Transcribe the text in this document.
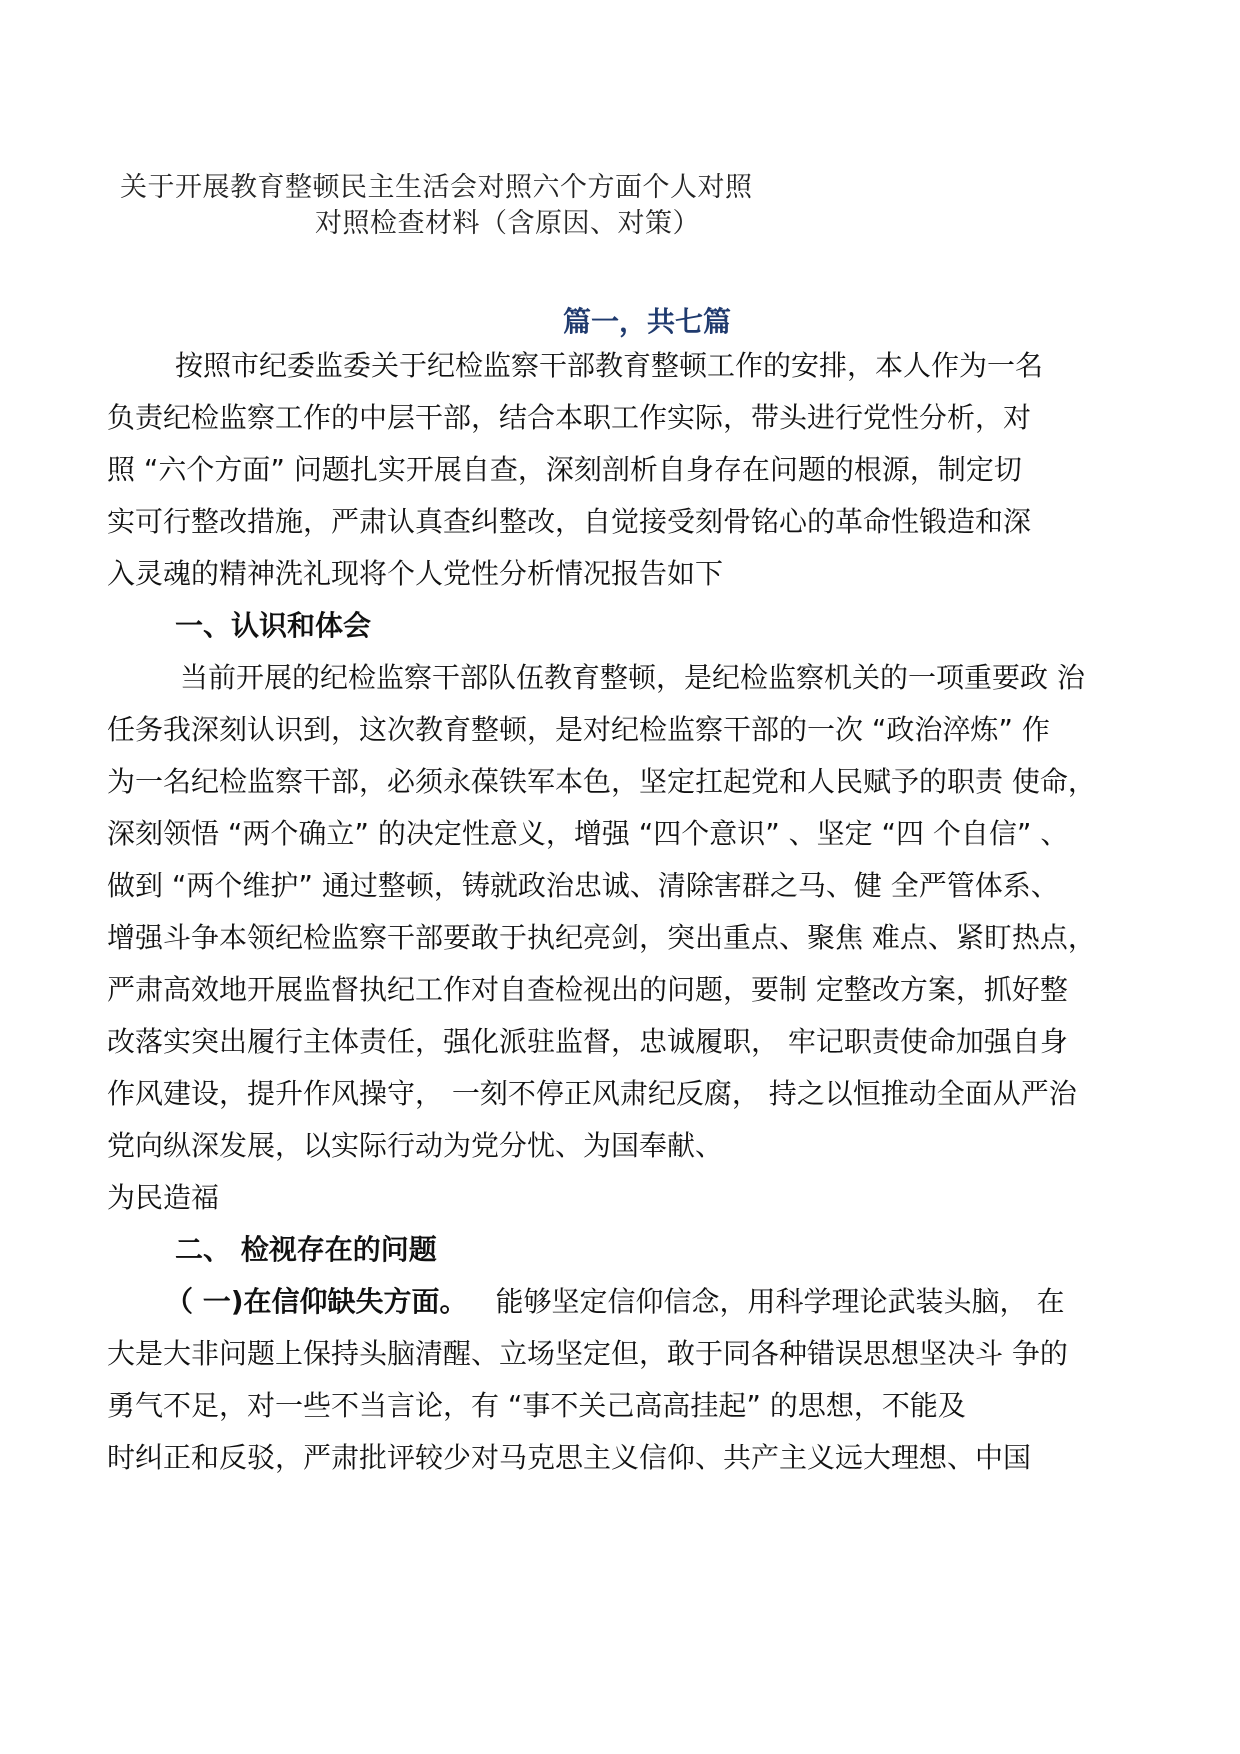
关于开展教育整顿民主生活会对照六个方面个人对照
对照检查材料（含原因、对策）
篇一，共七篇
按照市纪委监委关于纪检监察干部教育整顿工作的安排，本人作为一名
负责纪检监察工作的中层干部，结合本职工作实际，带头进行党性分析，对
照 “六个方面” 问题扎实开展自查，深刻剖析自身存在问题的根源，制定切
实可行整改措施，严肃认真查纠整改，自觉接受刻骨铭心的革命性锻造和深
入灵魂的精神洗礼现将个人党性分析情况报告如下
一、认识和体会
当前开展的纪检监察干部队伍教育整顿，是纪检监察机关的一项重要政 治
任务我深刻认识到，这次教育整顿，是对纪检监察干部的一次 “政治淬炼” 作
为一名纪检监察干部，必须永葆铁军本色，坚定扛起党和人民赋予的职责 使命，
深刻领悟 “两个确立” 的决定性意义，增强 “四个意识” 、坚定 “四 个自信” 、
做到 “两个维护” 通过整顿，铸就政治忠诚、清除害群之马、健 全严管体系、
增强斗争本领纪检监察干部要敢于执纪亮剑，突出重点、聚焦 难点、紧盯热点，
严肃高效地开展监督执纪工作对自查检视出的问题，要制 定整改方案，抓好整
改落实突出履行主体责任，强化派驻监督，忠诚履职， 牢记职责使命加强自身
作风建设，提升作风操守， 一刻不停正风肃纪反腐， 持之以恒推动全面从严治
党向纵深发展，以实际行动为党分忧、为国奉献、
为民造福
二、 检视存在的问题
（ 一)在信仰缺失方面。 能够坚定信仰信念，用科学理论武装头脑， 在
大是大非问题上保持头脑清醒、立场坚定但，敢于同各种错误思想坚决斗 争的
勇气不足，对一些不当言论，有 “事不关己高高挂起” 的思想，不能及
时纠正和反驳，严肃批评较少对马克思主义信仰、共产主义远大理想、中国
